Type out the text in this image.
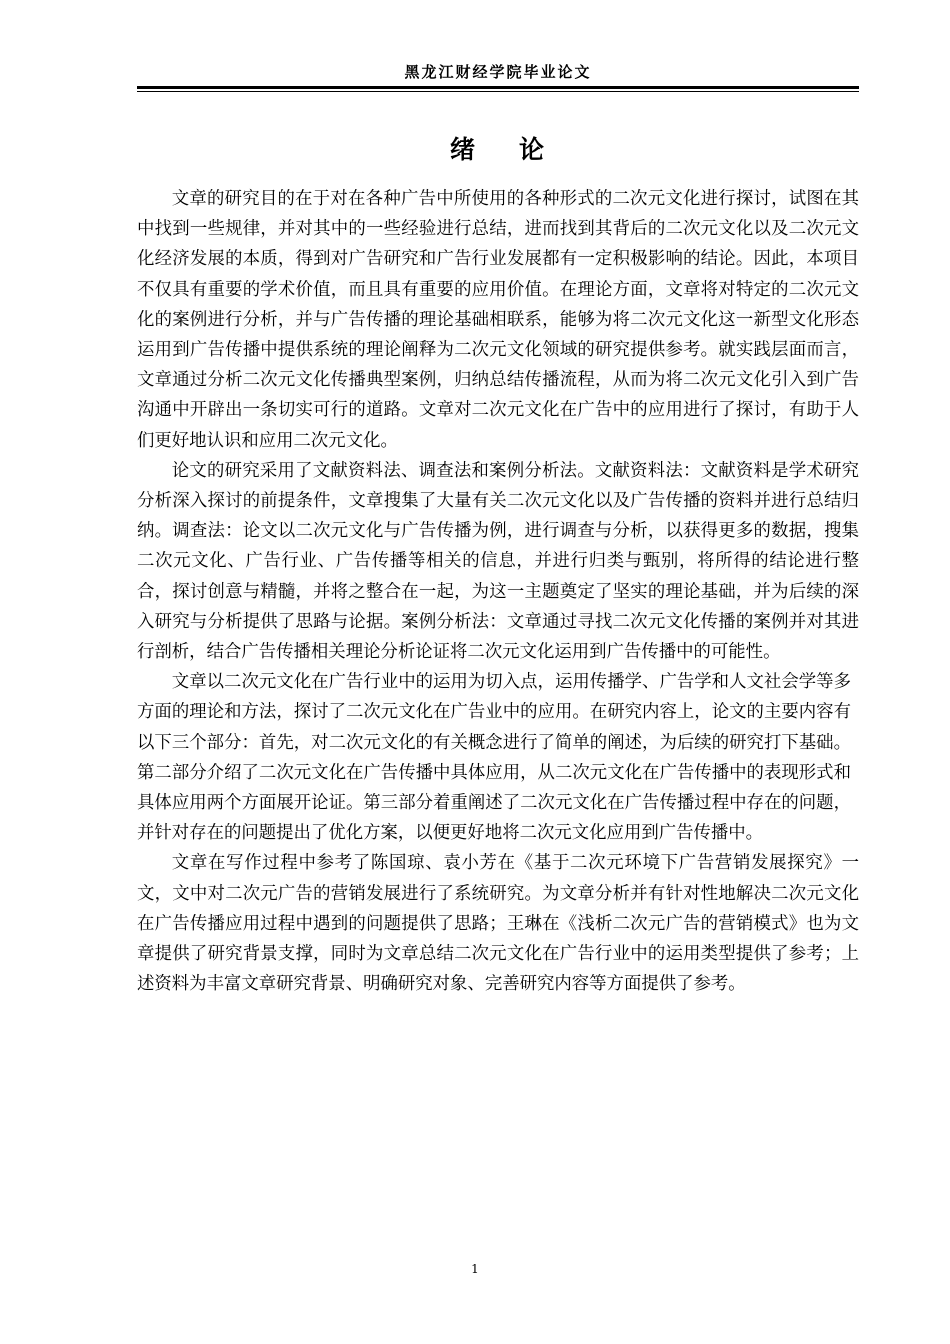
黑龙江财经学院毕业论文
绪 论

文章的研究目的在于对在各种广告中所使用的各种形式的二次元文化进行探讨，试图在其中找到一些规律，并对其中的一些经验进行总结，进而找到其背后的二次元文化以及二次元文化经济发展的本质，得到对广告研究和广告行业发展都有一定积极影响的结论。因此，本项目不仅具有重要的学术价值，而且具有重要的应用价值。在理论方面，文章将对特定的二次元文化的案例进行分析，并与广告传播的理论基础相联系，能够为将二次元文化这一新型文化形态运用到广告传播中提供系统的理论阐释为二次元文化领域的研究提供参考。就实践层面而言，文章通过分析二次元文化传播典型案例，归纳总结传播流程，从而为将二次元文化引入到广告沟通中开辟出一条切实可行的道路。文章对二次元文化在广告中的应用进行了探讨，有助于人们更好地认识和应用二次元文化。

论文的研究采用了文献资料法、调查法和案例分析法。文献资料法：文献资料是学术研究分析深入探讨的前提条件，文章搜集了大量有关二次元文化以及广告传播的资料并进行总结归纳。调查法：论文以二次元文化与广告传播为例，进行调查与分析，以获得更多的数据，搜集二次元文化、广告行业、广告传播等相关的信息，并进行归类与甄别，将所得的结论进行整合，探讨创意与精髓，并将之整合在一起，为这一主题奠定了坚实的理论基础，并为后续的深入研究与分析提供了思路与论据。案例分析法：文章通过寻找二次元文化传播的案例并对其进行剖析，结合广告传播相关理论分析论证将二次元文化运用到广告传播中的可能性。

文章以二次元文化在广告行业中的运用为切入点，运用传播学、广告学和人文社会学等多方面的理论和方法，探讨了二次元文化在广告业中的应用。在研究内容上，论文的主要内容有以下三个部分：首先，对二次元文化的有关概念进行了简单的阐述，为后续的研究打下基础。第二部分介绍了二次元文化在广告传播中具体应用，从二次元文化在广告传播中的表现形式和具体应用两个方面展开论证。第三部分着重阐述了二次元文化在广告传播过程中存在的问题，并针对存在的问题提出了优化方案，以便更好地将二次元文化应用到广告传播中。

文章在写作过程中参考了陈国琼、袁小芳在《基于二次元环境下广告营销发展探究》一文，文中对二次元广告的营销发展进行了系统研究。为文章分析并有针对性地解决二次元文化在广告传播应用过程中遇到的问题提供了思路；王琳在《浅析二次元广告的营销模式》也为文章提供了研究背景支撑，同时为文章总结二次元文化在广告行业中的运用类型提供了参考；上述资料为丰富文章研究背景、明确研究对象、完善研究内容等方面提供了参考。

1
